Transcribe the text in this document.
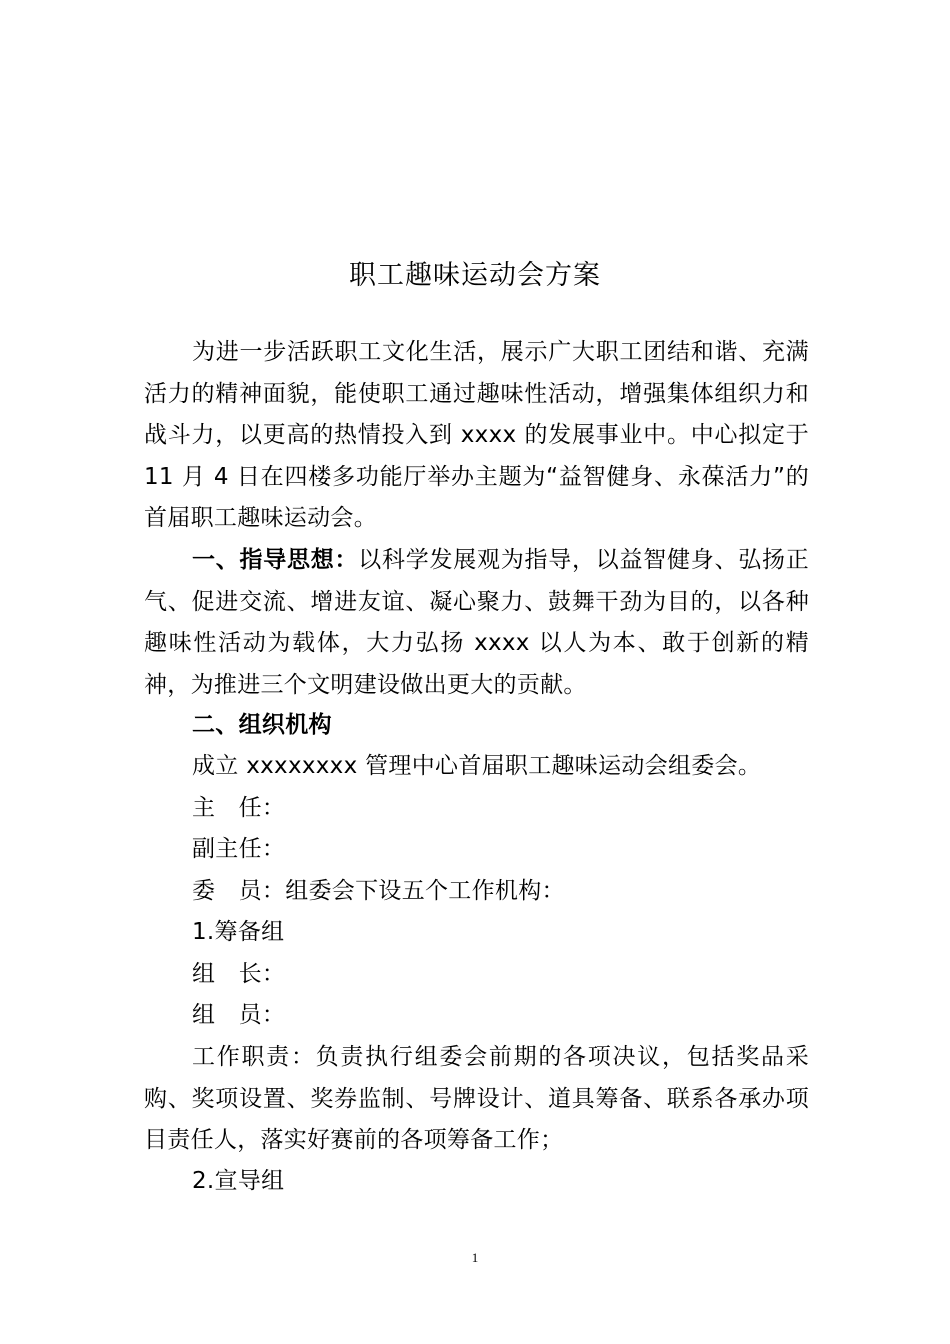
职工趣味运动会方案

为进一步活跃职工文化生活，展示广大职工团结和谐、充满活力的精神面貌，能使职工通过趣味性活动，增强集体组织力和战斗力，以更高的热情投入到 xxxx 的发展事业中。中心拟定于 11 月 4 日在四楼多功能厅举办主题为“益智健身、永葆活力”的首届职工趣味运动会。

一、指导思想：以科学发展观为指导，以益智健身、弘扬正气、促进交流、增进友谊、凝心聚力、鼓舞干劲为目的，以各种趣味性活动为载体，大力弘扬 xxxx 以人为本、敢于创新的精神，为推进三个文明建设做出更大的贡献。

二、组织机构

成立 xxxxxxxx 管理中心首届职工趣味运动会组委会。

主　任：

副主任：

委　员：组委会下设五个工作机构：

1.筹备组

组　长：

组　员：

工作职责：负责执行组委会前期的各项决议，包括奖品采购、奖项设置、奖券监制、号牌设计、道具筹备、联系各承办项目责任人，落实好赛前的各项筹备工作；

2.宣导组

1
